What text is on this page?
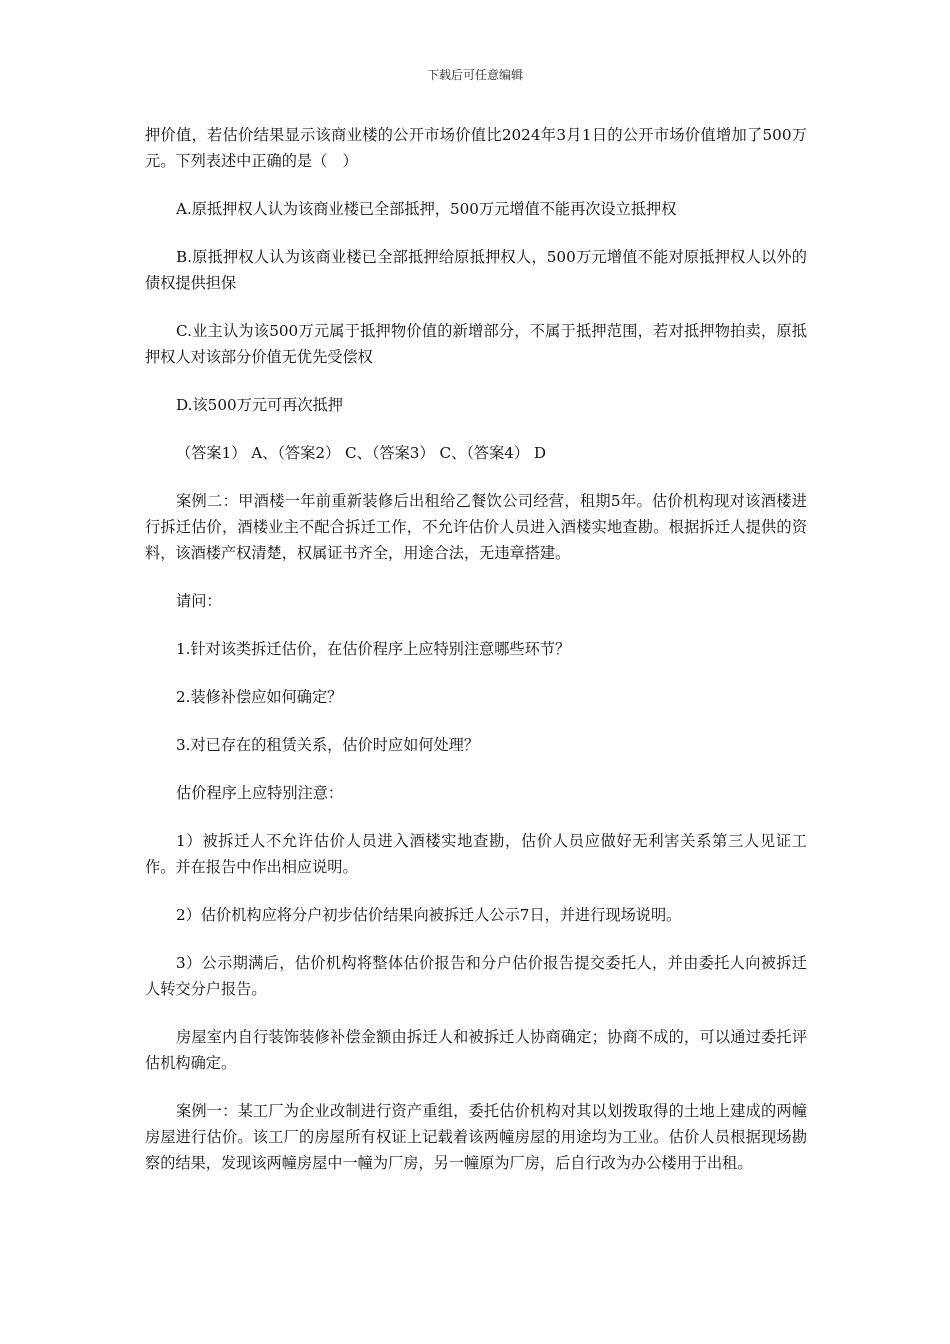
下载后可任意编辑

押价值，若估价结果显示该商业楼的公开市场价值比2024年3月1日的公开市场价值增加了500万元。下列表述中正确的是（　）

A.原抵押权人认为该商业楼已全部抵押，500万元增值不能再次设立抵押权

B.原抵押权人认为该商业楼已全部抵押给原抵押权人，500万元增值不能对原抵押权人以外的债权提供担保

C.业主认为该500万元属于抵押物价值的新增部分，不属于抵押范围，若对抵押物拍卖，原抵押权人对该部分价值无优先受偿权

D.该500万元可再次抵押

（答案1） A、（答案2） C、（答案3） C、（答案4） D

案例二：甲酒楼一年前重新装修后出租给乙餐饮公司经营，租期5年。估价机构现对该酒楼进行拆迁估价，酒楼业主不配合拆迁工作，不允许估价人员进入酒楼实地查勘。根据拆迁人提供的资料，该酒楼产权清楚，权属证书齐全，用途合法，无违章搭建。

请问：

1.针对该类拆迁估价，在估价程序上应特别注意哪些环节？

2.装修补偿应如何确定？

3.对已存在的租赁关系，估价时应如何处理？

估价程序上应特别注意：

1）被拆迁人不允许估价人员进入酒楼实地查勘，估价人员应做好无利害关系第三人见证工作。并在报告中作出相应说明。

2）估价机构应将分户初步估价结果向被拆迁人公示7日，并进行现场说明。

3）公示期满后，估价机构将整体估价报告和分户估价报告提交委托人，并由委托人向被拆迁人转交分户报告。

房屋室内自行装饰装修补偿金额由拆迁人和被拆迁人协商确定；协商不成的，可以通过委托评估机构确定。

案例一：某工厂为企业改制进行资产重组，委托估价机构对其以划拨取得的土地上建成的两幢房屋进行估价。该工厂的房屋所有权证上记载着该两幢房屋的用途均为工业。估价人员根据现场勘察的结果，发现该两幢房屋中一幢为厂房，另一幢原为厂房，后自行改为办公楼用于出租。
